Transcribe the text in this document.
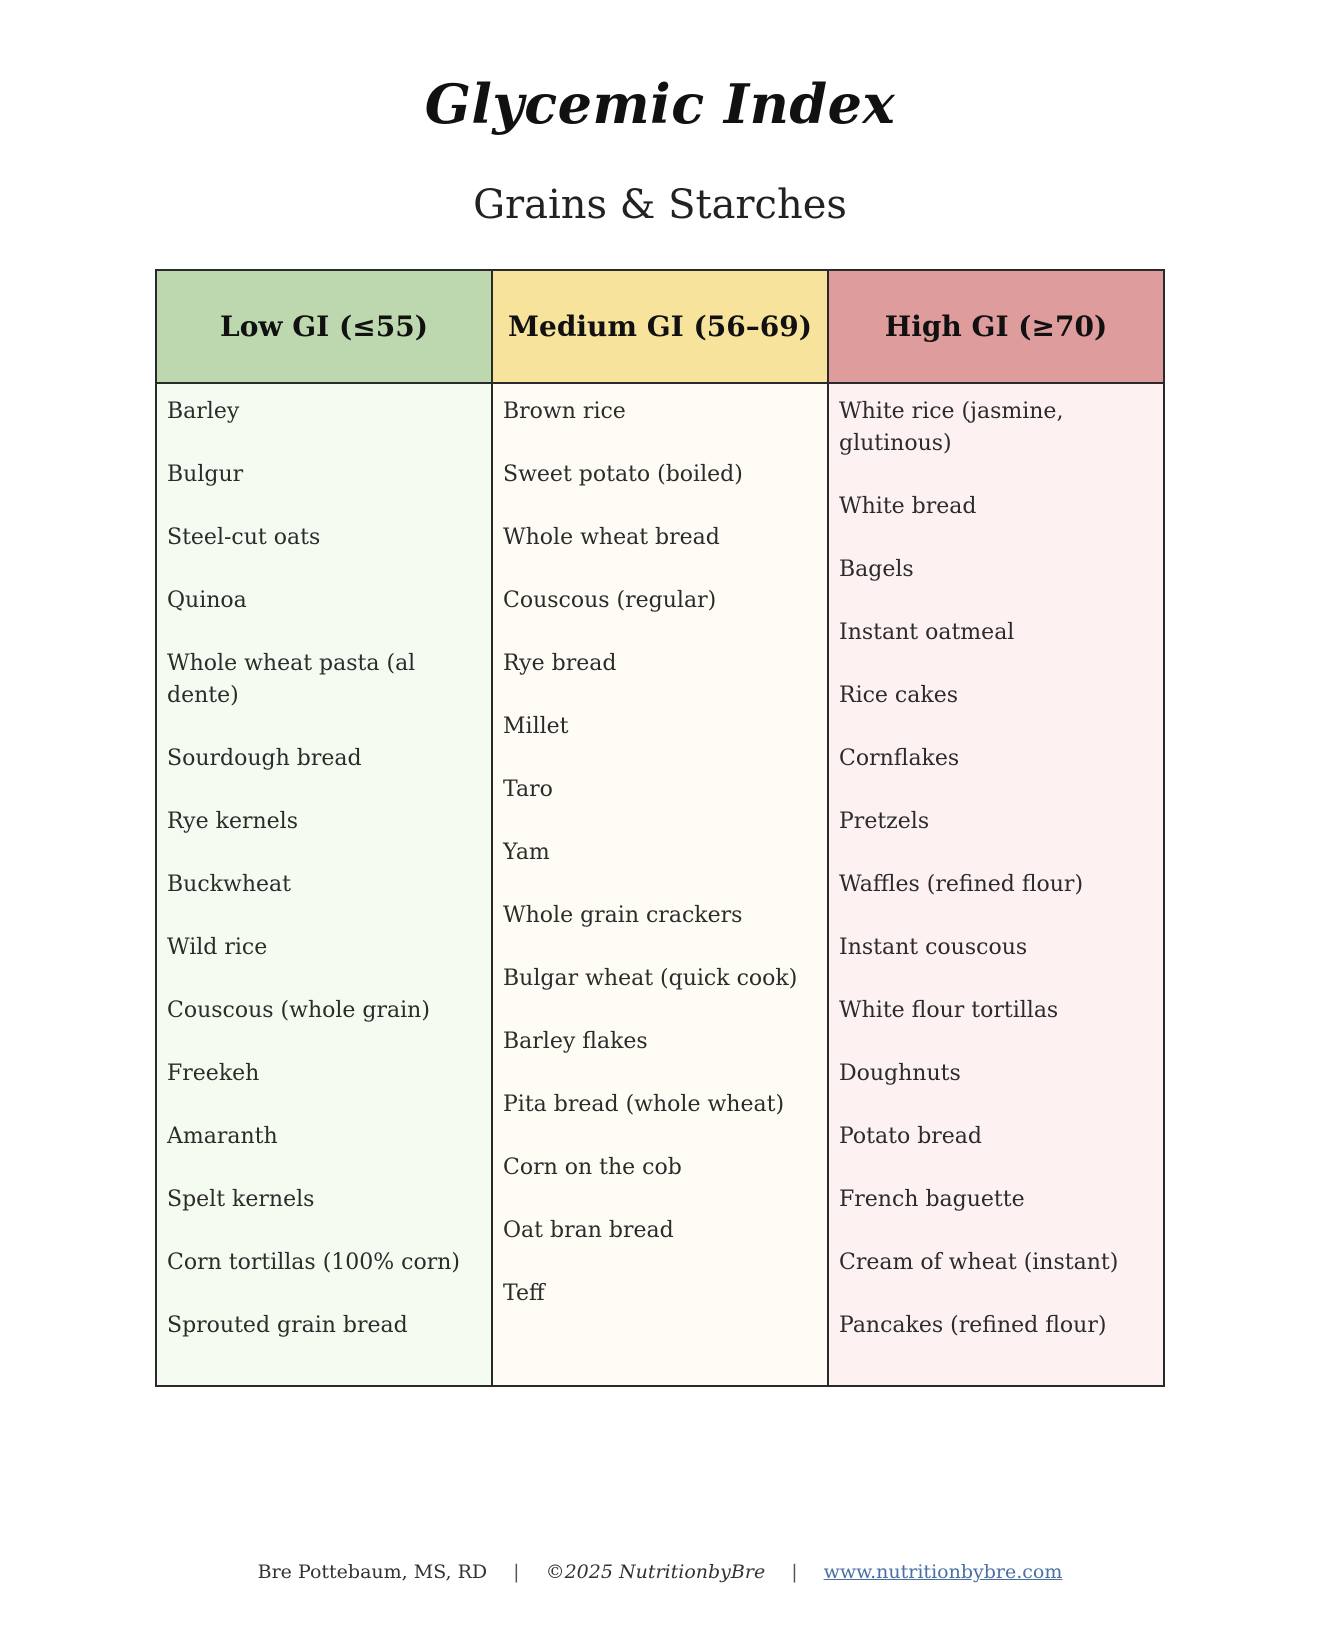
Glycemic Index
Grains & Starches
Low GI (≤55)
Barley
Bulgur
Steel-cut oats
Quinoa
Whole wheat pasta (al dente)
Sourdough bread
Rye kernels
Buckwheat
Wild rice
Couscous (whole grain)
Freekeh
Amaranth
Spelt kernels
Corn tortillas (100% corn)
Sprouted grain bread
Medium GI (56–69)
Brown rice
Sweet potato (boiled)
Whole wheat bread
Couscous (regular)
Rye bread
Millet
Taro
Yam
Whole grain crackers
Bulgar wheat (quick cook)
Barley flakes
Pita bread (whole wheat)
Corn on the cob
Oat bran bread
Teff
High GI (≥70)
White rice (jasmine, glutinous)
White bread
Bagels
Instant oatmeal
Rice cakes
Cornflakes
Pretzels
Waffles (refined flour)
Instant couscous
White flour tortillas
Doughnuts
Potato bread
French baguette
Cream of wheat (instant)
Pancakes (refined flour)
Bre Pottebaum, MS, RD | ©2025 NutritionbyBre | www.nutritionbybre.com
